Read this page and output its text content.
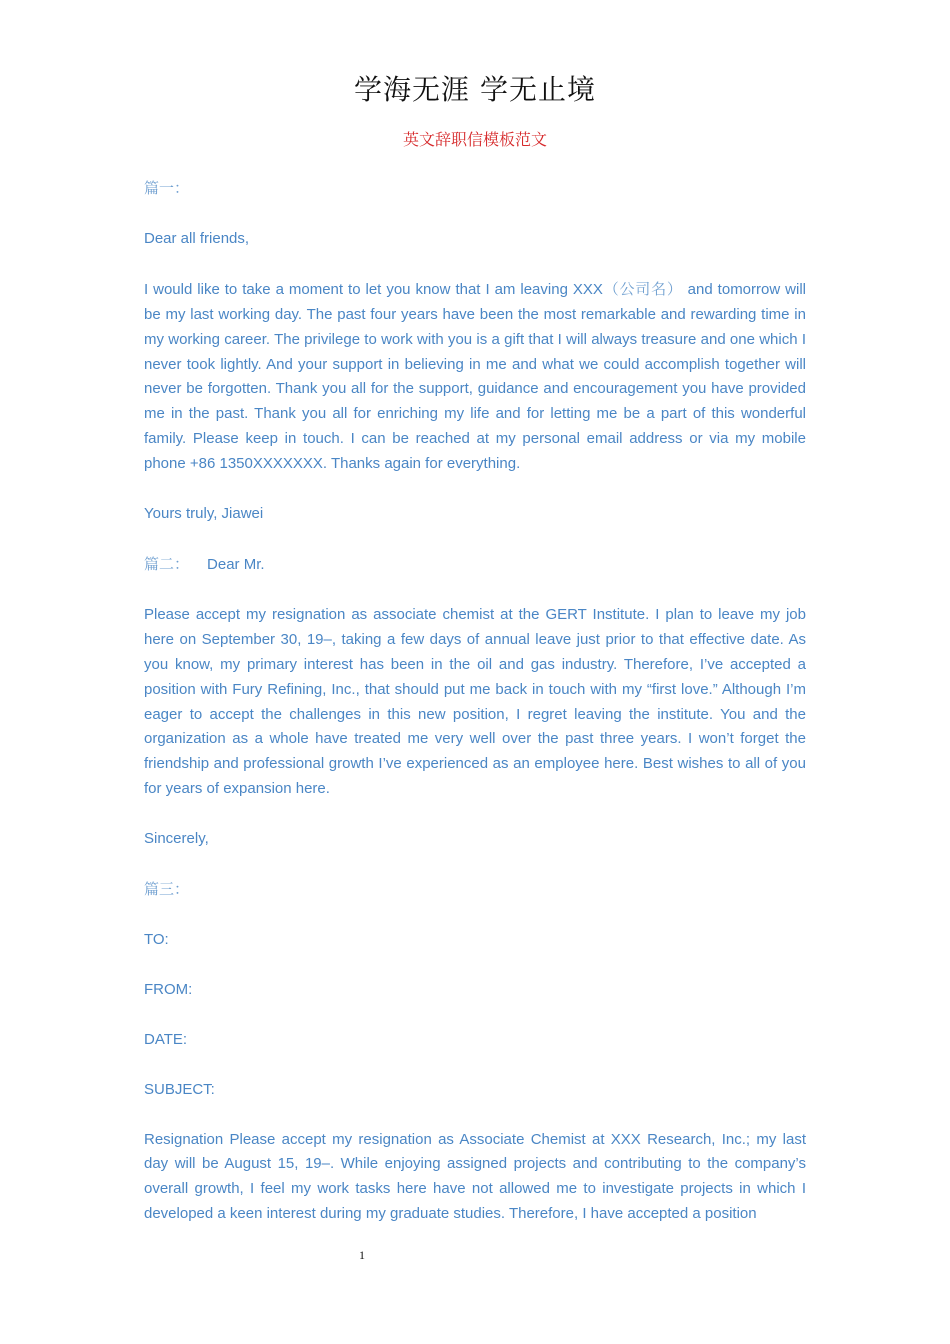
学海无涯 学无止境
英文辞职信模板范文

篇一：

Dear all friends,

I would like to take a moment to let you know that I am leaving XXX（公司名） and tomorrow will be my last working day. The past four years have been the most remarkable and rewarding time in my working career. The privilege to work with you is a gift that I will always treasure and one which I never took lightly. And your support in believing in me and what we could accomplish together will never be forgotten. Thank you all for the support, guidance and encouragement you have provided me in the past. Thank you all for enriching my life and for letting me be a part of this wonderful family. Please keep in touch. I can be reached at my personal email address or via my mobile phone +86 1350XXXXXXX. Thanks again for everything.

Yours truly, Jiawei

篇二： Dear Mr.

Please accept my resignation as associate chemist at the GERT Institute. I plan to leave my job here on September 30, 19–, taking a few days of annual leave just prior to that effective date. As you know, my primary interest has been in the oil and gas industry. Therefore, I’ve accepted a position with Fury Refining, Inc., that should put me back in touch with my “first love.” Although I’m eager to accept the challenges in this new position, I regret leaving the institute. You and the organization as a whole have treated me very well over the past three years. I won’t forget the friendship and professional growth I’ve experienced as an employee here. Best wishes to all of you for years of expansion here.

Sincerely,

篇三：

TO:

FROM:

DATE:

SUBJECT:

Resignation Please accept my resignation as Associate Chemist at XXX Research, Inc.; my last day will be August 15, 19–. While enjoying assigned projects and contributing to the company’s overall growth, I feel my work tasks here have not allowed me to investigate projects in which I developed a keen interest during my graduate studies. Therefore, I have accepted a position

1
